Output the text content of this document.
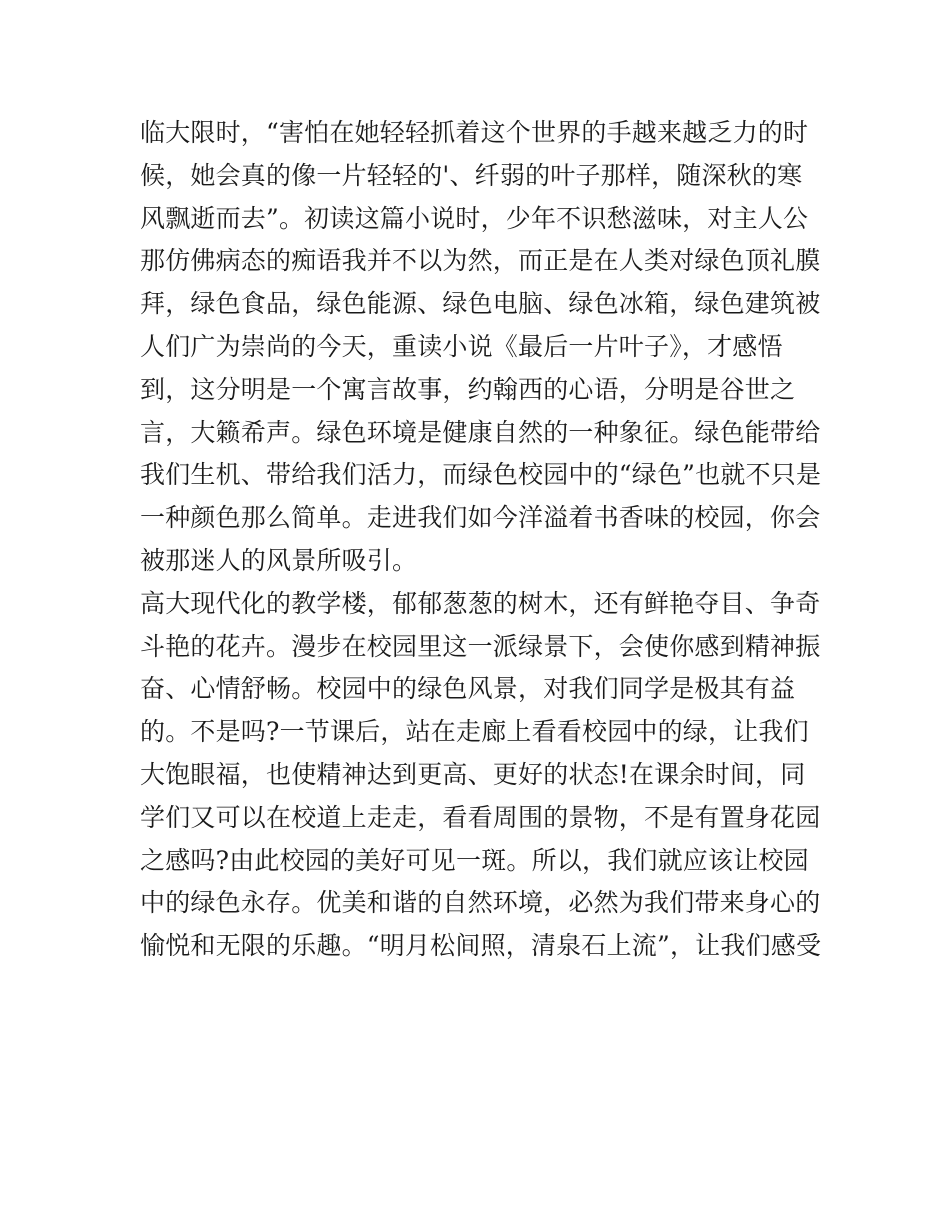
临大限时，“害怕在她轻轻抓着这个世界的手越来越乏力的时
候，她会真的像一片轻轻的'、纤弱的叶子那样，随深秋的寒
风飘逝而去”。初读这篇小说时，少年不识愁滋味，对主人公
那仿佛病态的痴语我并不以为然，而正是在人类对绿色顶礼膜
拜，绿色食品，绿色能源、绿色电脑、绿色冰箱，绿色建筑被
人们广为崇尚的今天，重读小说《最后一片叶子》，才感悟
到，这分明是一个寓言故事，约翰西的心语，分明是谷世之
言，大籁希声。绿色环境是健康自然的一种象征。绿色能带给
我们生机、带给我们活力，而绿色校园中的“绿色”也就不只是
一种颜色那么简单。走进我们如今洋溢着书香味的校园，你会
被那迷人的风景所吸引。
高大现代化的教学楼，郁郁葱葱的树木，还有鲜艳夺目、争奇
斗艳的花卉。漫步在校园里这一派绿景下，会使你感到精神振
奋、心情舒畅。校园中的绿色风景，对我们同学是极其有益
的。不是吗?一节课后，站在走廊上看看校园中的绿，让我们
大饱眼福，也使精神达到更高、更好的状态!在课余时间，同
学们又可以在校道上走走，看看周围的景物，不是有置身花园
之感吗?由此校园的美好可见一斑。所以，我们就应该让校园
中的绿色永存。优美和谐的自然环境，必然为我们带来身心的
愉悦和无限的乐趣。“明月松间照，清泉石上流”，让我们感受
